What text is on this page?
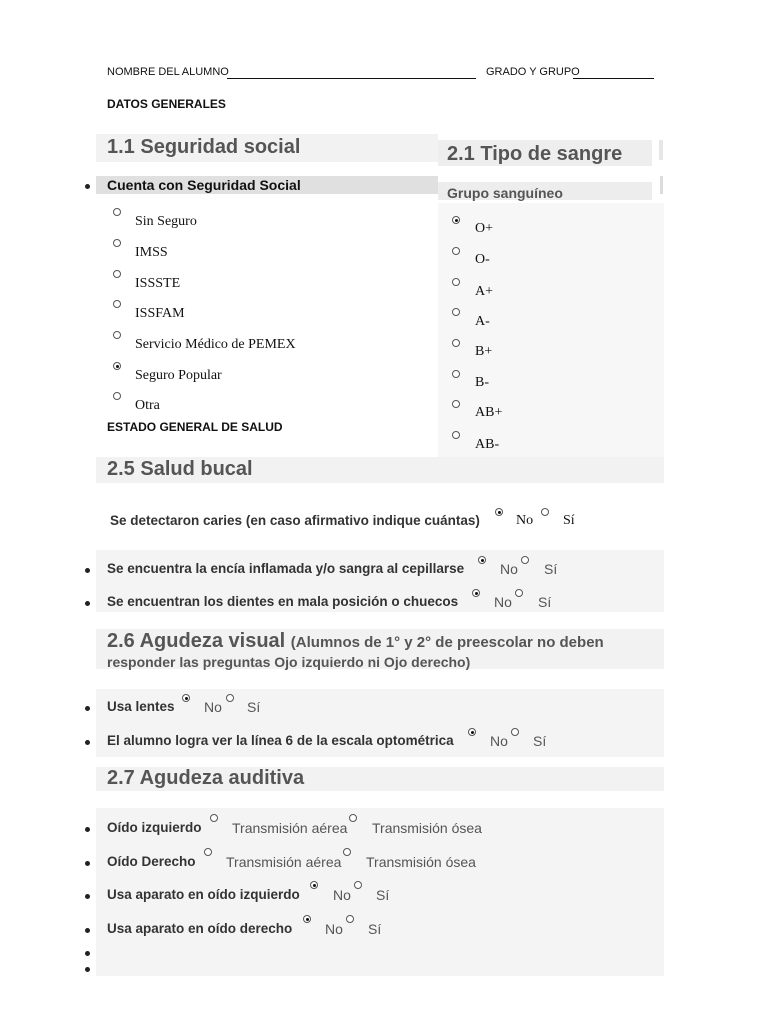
NOMBRE DEL ALUMNO	GRADO Y GRUPO
DATOS GENERALES
1.1 Seguridad social
Cuenta con Seguridad Social
Sin Seguro
IMSS
ISSSTE
ISSFAM
Servicio Médico de PEMEX
Seguro Popular
Otra
ESTADO GENERAL DE SALUD
2.1 Tipo de sangre
Grupo sanguíneo
O+
O-
A+
A-
B+
B-
AB+
AB-
2.5 Salud bucal
Se detectaron caries (en caso afirmativo indique cuántas)	No Sí
Se encuentra la encía inflamada y/o sangra al cepillarse	No Sí
Se encuentran los dientes en mala posición o chuecos	No Sí
2.6 Agudeza visual (Alumnos de 1° y 2° de preescolar no deben
responder las preguntas Ojo izquierdo ni Ojo derecho)
Usa lentes No Sí
El alumno logra ver la línea 6 de la escala optométrica	No Sí
2.7 Agudeza auditiva
Oído izquierdo Transmisión aérea Transmisión ósea
Oído Derecho Transmisión aérea Transmisión ósea
Usa aparato en oído izquierdo No Sí
Usa aparato en oído derecho No Sí
